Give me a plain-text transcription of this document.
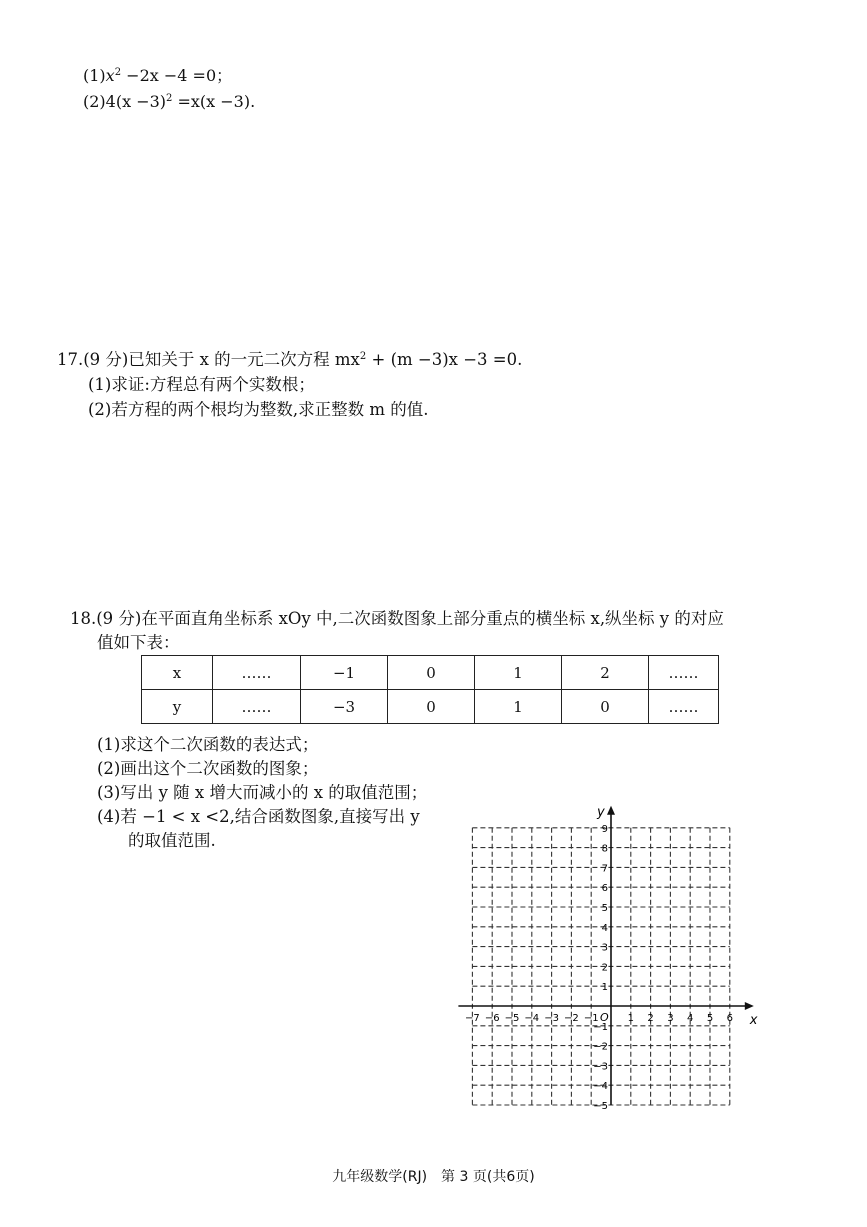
$(1)x^2 -2x -4 =0$；
$(2)4(x -3)^2 =x(x -3)$.
17.(9 分)已知关于 x 的一元二次方程 $mx^2 + (m -3)x -3 =0$.
(1)求证:方程总有两个实数根；
(2)若方程的两个根均为整数,求正整数 m 的值.
18.(9 分)在平面直角坐标系 xOy 中,二次函数图象上部分重点的横坐标 x,纵坐标 y 的对应
值如下表：
x	……	−1	0	1	2	……
y	……	−3	0	1	0	……
(1)求这个二次函数的表达式；
(2)画出这个二次函数的图象；
(3)写出 y 随 x 增大而减小的 x 的取值范围；
(4)若 −1 < x <2,结合函数图象,直接写出 y
的取值范围.
x
y
O
−7 −6 −5 −4 −3 −2 −1	1 2 3 4 5 6
9
8
7
6
5
4
3
2
1
−1
−2
−3
−4
−5
九年级数学(RJ)　第 3 页(共6页)
